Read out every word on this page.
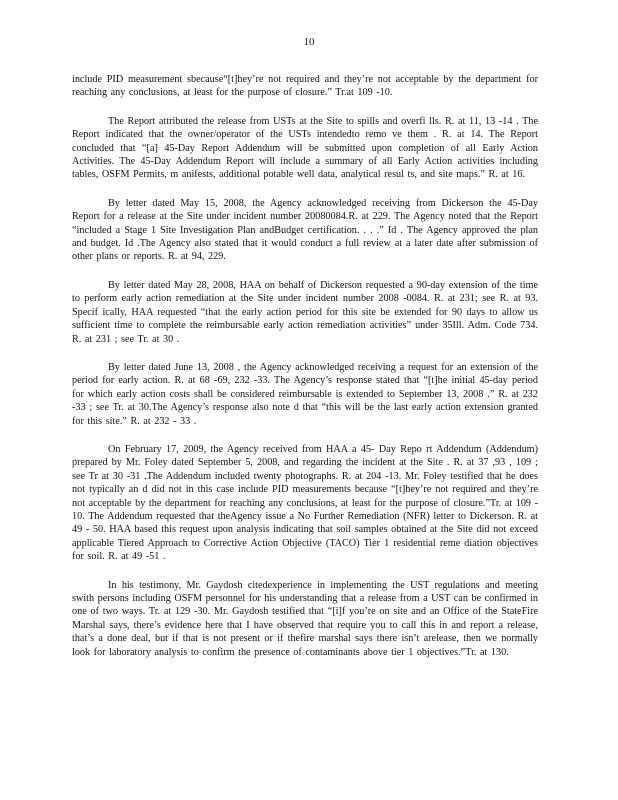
10

include PID measurement sbecause“[t]hey’re not required and they’re not acceptable by the department for reaching any conclusions, at least for the purpose of closure.” Tr.at 109 -10.

The Report attributed the release from USTs at the Site to spills and overfi lls. R. at 11, 13 -14 . The Report indicated that the owner/operator of the USTs intendedto remo ve them . R. at 14. The Report concluded that “[a] 45-Day Report Addendum will be submitted upon completion of all Early Action Activities. The 45-Day Addendum Report will include a summary of all Early Action activities including tables, OSFM Permits, m anifests, additional potable well data, analytical resul ts, and site maps.” R. at 16.

By letter dated May 15, 2008, the Agency acknowledged receiving from Dickerson the 45-Day Report for a release at the Site under incident number 20080084.R. at 229. The Agency noted that the Report “included a Stage 1 Site Investigation Plan andBudget certification. . . .” Id . The Agency approved the plan and budget. Id .The Agency also stated that it would conduct a full review at a later date after submission of other plans or reports. R. at 94, 229.

By letter dated May 28, 2008, HAA on behalf of Dickerson requested a 90-day extension of the time to perform early action remediation at the Site under incident number 2008 -0084. R. at 231; see R. at 93. Specif ically, HAA requested “that the early action period for this site be extended for 90 days to allow us sufficient time to complete the reimbursable early action remediation activities” under 35Ill. Adm. Code 734. R. at 231 ; see Tr. at 30 .

By letter dated June 13, 2008 , the Agency acknowledged receiving a request for an extension of the period for early action. R. at 68 -69, 232 -33. The Agency’s response stated that “[t]he initial 45-day period for which early action costs shall be considered reimbursable is extended to September 13, 2008 .” R. at 232 -33 ; see Tr. at 30.The Agency’s response also note d that “this will be the last early action extension granted for this site.” R. at 232 - 33 .

On February 17, 2009, the Agency received from HAA a 45- Day Repo rt Addendum (Addendum) prepared by Mr. Foley dated September 5, 2008, and regarding the incident at the Site . R. at 37 ,93 , 109 ; see Tr at 30 -31 .The Addendum included twenty photographs. R. at 204 -13. Mr. Foley testified that he does not typically an d did not in this case include PID measurements because “[t]hey’re not required and they’re not acceptable by the department for reaching any conclusions, at least for the purpose of closure.”Tr. at 109 - 10. The Addendum requested that theAgency issue a No Further Remediation (NFR) letter to Dickerson. R. at 49 - 50. HAA based this request upon analysis indicating that soil samples obtained at the Site did not exceed applicable Tiered Approach to Corrective Action Objective (TACO) Tier 1 residential reme diation objectives for soil. R. at 49 -51 .

In his testimony, Mr. Gaydosh citedexperience in implementing the UST regulations and meeting swith persons including OSFM personnel for his understanding that a release from a UST can be confirmed in one of two ways. Tr. at 129 -30. Mr. Gaydosh testified that “[i]f you’re on site and an Office of the StateFire Marshal says, there’s evidence here that I have observed that require you to call this in and report a release, that’s a done deal, but if that is not present or if thefire marshal says there isn’t arelease, then we normally look for laboratory analysis to confirm the presence of contaminants above tier 1 objectives.”Tr. at 130.
